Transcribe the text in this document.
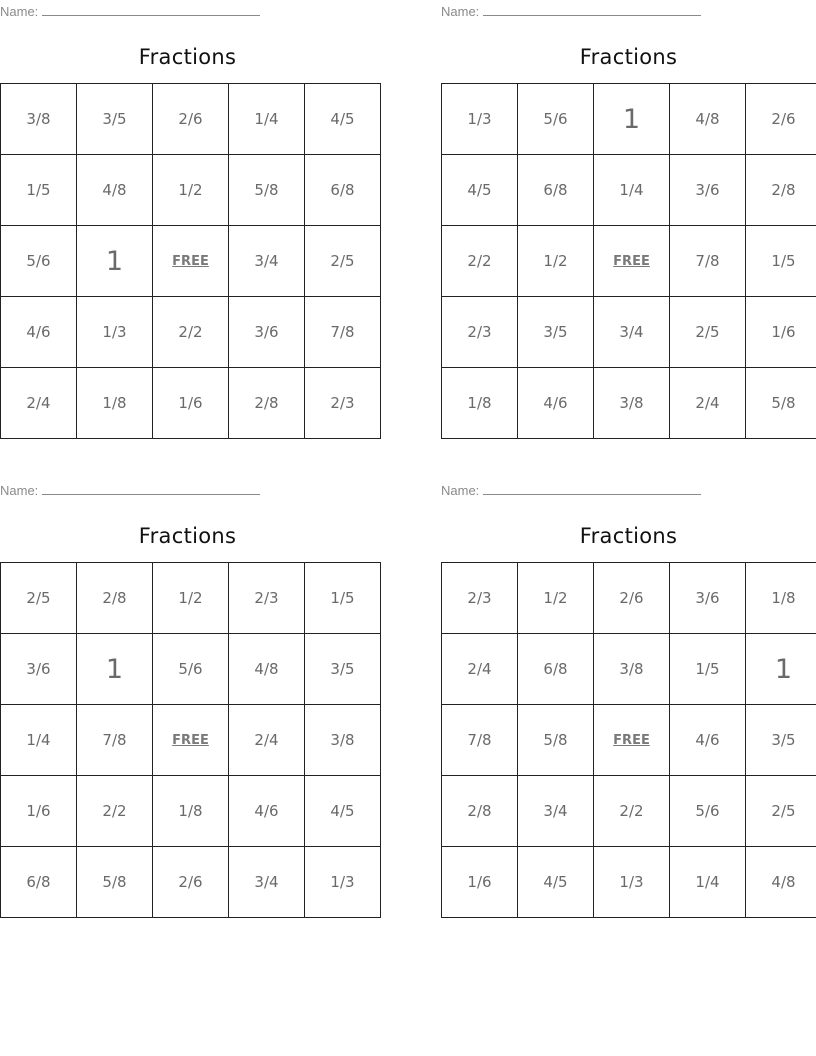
Name:
Fractions
3/8	3/5	2/6	1/4	4/5
1/5	4/8	1/2	5/8	6/8
5/6	1	FREE	3/4	2/5
4/6	1/3	2/2	3/6	7/8
2/4	1/8	1/6	2/8	2/3
Name:
Fractions
1/3	5/6	1	4/8	2/6
4/5	6/8	1/4	3/6	2/8
2/2	1/2	FREE	7/8	1/5
2/3	3/5	3/4	2/5	1/6
1/8	4/6	3/8	2/4	5/8
Name:
Fractions
2/5	2/8	1/2	2/3	1/5
3/6	1	5/6	4/8	3/5
1/4	7/8	FREE	2/4	3/8
1/6	2/2	1/8	4/6	4/5
6/8	5/8	2/6	3/4	1/3
Name:
Fractions
2/3	1/2	2/6	3/6	1/8
2/4	6/8	3/8	1/5	1
7/8	5/8	FREE	4/6	3/5
2/8	3/4	2/2	5/6	2/5
1/6	4/5	1/3	1/4	4/8
